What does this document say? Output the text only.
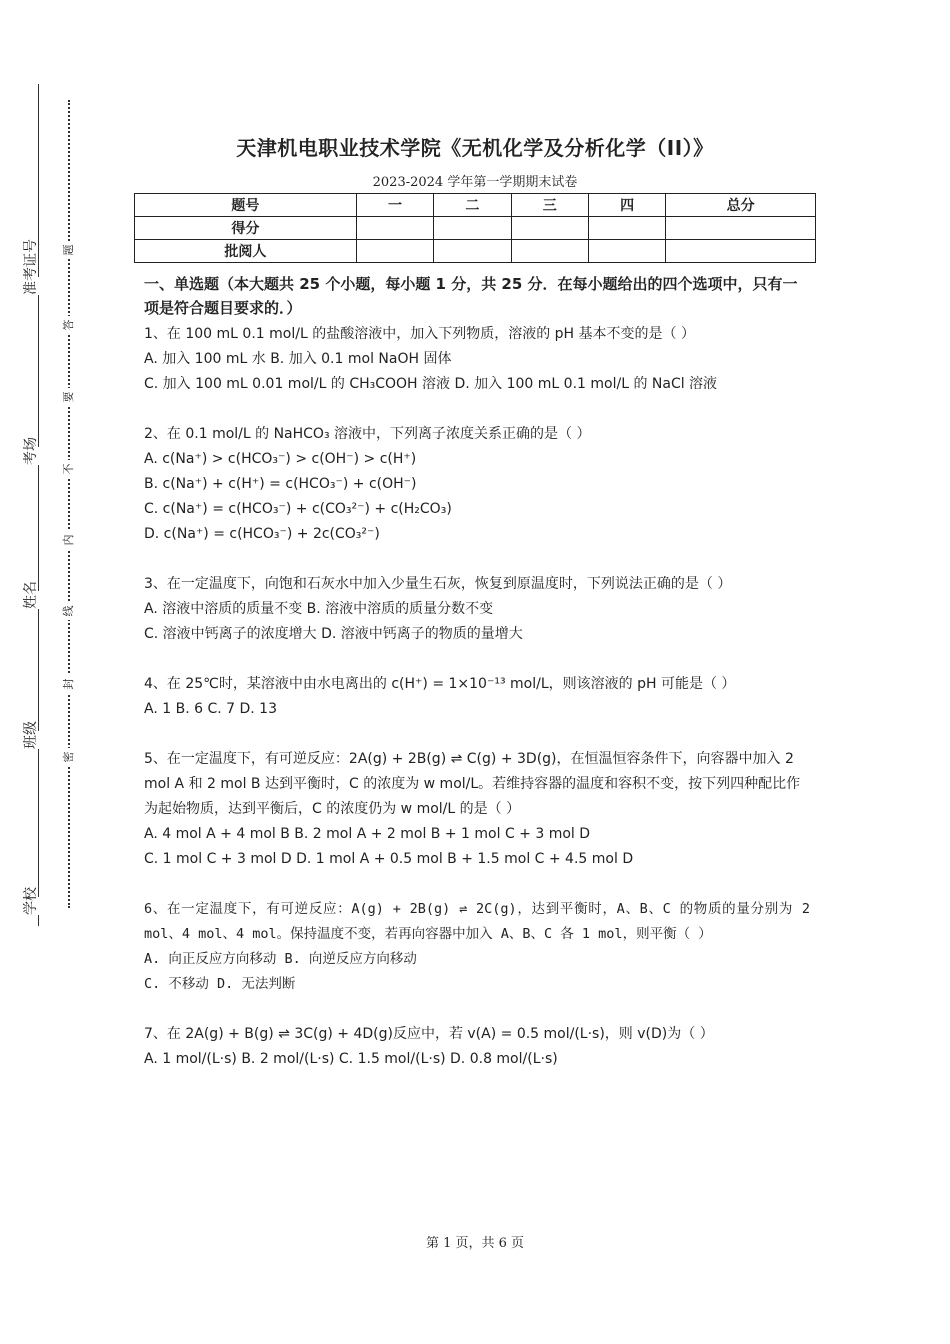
准考证号
考场
姓名
班级
学校
题
答
要
不
内
线
封
密
天津机电职业技术学院《无机化学及分析化学（II）》
2023-2024 学年第一学期期末试卷
题号	一	二	三	四	总分
得分					
批阅人					
一、单选题（本大题共 25 个小题，每小题 1 分，共 25 分．在每小题给出的四个选项中，只有一项是符合题目要求的．）

1、在 100 mL 0.1 mol/L 的盐酸溶液中，加入下列物质，溶液的 pH 基本不变的是（ ）

A. 加入 100 mL 水 B. 加入 0.1 mol NaOH 固体

C. 加入 100 mL 0.01 mol/L 的 CH₃COOH 溶液 D. 加入 100 mL 0.1 mol/L 的 NaCl 溶液

2、在 0.1 mol/L 的 NaHCO₃ 溶液中，下列离子浓度关系正确的是（ ）

A. c(Na⁺) > c(HCO₃⁻) > c(OH⁻) > c(H⁺)

B. c(Na⁺) + c(H⁺) = c(HCO₃⁻) + c(OH⁻)

C. c(Na⁺) = c(HCO₃⁻) + c(CO₃²⁻) + c(H₂CO₃)

D. c(Na⁺) = c(HCO₃⁻) + 2c(CO₃²⁻)

3、在一定温度下，向饱和石灰水中加入少量生石灰，恢复到原温度时，下列说法正确的是（ ）

A. 溶液中溶质的质量不变 B. 溶液中溶质的质量分数不变

C. 溶液中钙离子的浓度增大 D. 溶液中钙离子的物质的量增大

4、在 25℃时，某溶液中由水电离出的 c(H⁺) = 1×10⁻¹³ mol/L，则该溶液的 pH 可能是（ ）

A. 1 B. 6 C. 7 D. 13

5、在一定温度下，有可逆反应：2A(g) + 2B(g) ⇌ C(g) + 3D(g)，在恒温恒容条件下，向容器中加入 2 mol A 和 2 mol B 达到平衡时，C 的浓度为 w mol/L。若维持容器的温度和容积不变，按下列四种配比作为起始物质，达到平衡后，C 的浓度仍为 w mol/L 的是（ ）

A. 4 mol A + 4 mol B B. 2 mol A + 2 mol B + 1 mol C + 3 mol D

C. 1 mol C + 3 mol D D. 1 mol A + 0.5 mol B + 1.5 mol C + 4.5 mol D

6、在一定温度下，有可逆反应：A(g) + 2B(g) ⇌ 2C(g)，达到平衡时，A、B、C 的物质的量分别为 2 mol、4 mol、4 mol。保持温度不变，若再向容器中加入 A、B、C 各 1 mol，则平衡（ ）

A. 向正反应方向移动 B. 向逆反应方向移动

C. 不移动 D. 无法判断

7、在 2A(g) + B(g) ⇌ 3C(g) + 4D(g)反应中，若 v(A) = 0.5 mol/(L·s)，则 v(D)为（ ）

A. 1 mol/(L·s) B. 2 mol/(L·s) C. 1.5 mol/(L·s) D. 0.8 mol/(L·s)

第 1 页，共 6 页
